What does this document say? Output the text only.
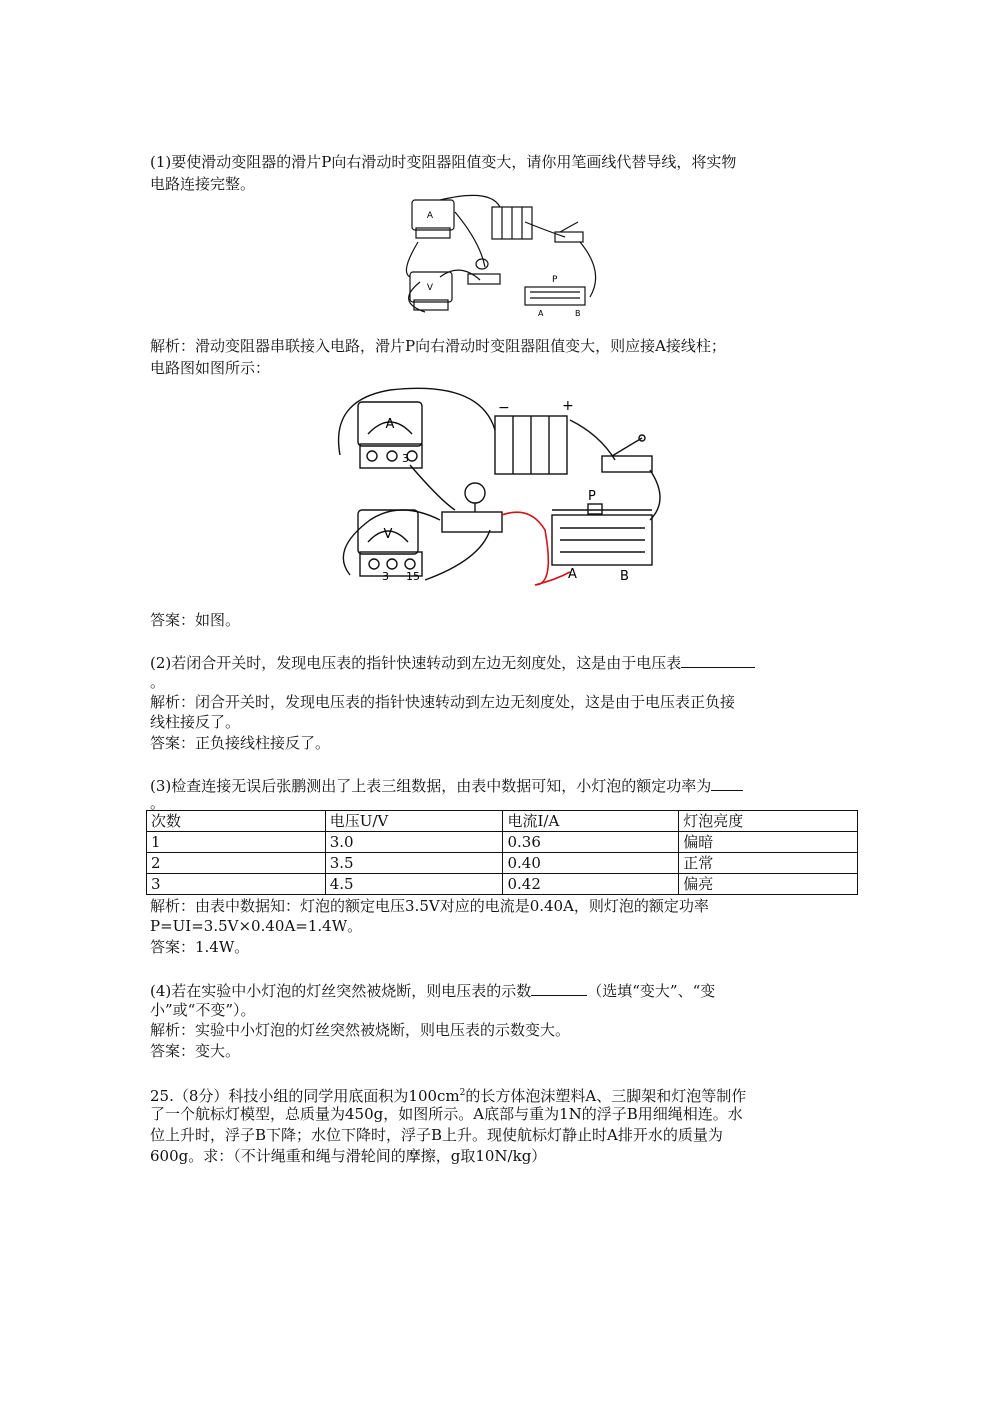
(1)要使滑动变阻器的滑片P向右滑动时变阻器阻值变大，请你用笔画线代替导线，将实物
电路连接完整。
A
V
P
A	B
解析：滑动变阻器串联接入电路，滑片P向右滑动时变阻器阻值变大，则应接A接线柱；
电路图如图所示：
A
V
3
3 15
−	+
P
A	B
答案：如图。
(2)若闭合开关时，发现电压表的指针快速转动到左边无刻度处，这是由于电压表
。
解析：闭合开关时，发现电压表的指针快速转动到左边无刻度处，这是由于电压表正负接
线柱接反了。
答案：正负接线柱接反了。
(3)检查连接无误后张鹏测出了上表三组数据，由表中数据可知，小灯泡的额定功率为
。
次数	电压U/V	电流I/A	灯泡亮度
1	3.0	0.36	偏暗
2	3.5	0.40	正常
3	4.5	0.42	偏亮
解析：由表中数据知：灯泡的额定电压3.5V对应的电流是0.40A，则灯泡的额定功率
P=UI=3.5V×0.40A=1.4W。
答案：1.4W。
(4)若在实验中小灯泡的灯丝突然被烧断，则电压表的示数	（选填“变大”、“变
小”或“不变”）。
解析：实验中小灯泡的灯丝突然被烧断，则电压表的示数变大。
答案：变大。
25.（8分）科技小组的同学用底面积为$100cm^2$的长方体泡沫塑料A、三脚架和灯泡等制作
了一个航标灯模型，总质量为450g，如图所示。A底部与重为1N的浮子B用细绳相连。水
位上升时，浮子B下降；水位下降时，浮子B上升。现使航标灯静止时A排开水的质量为
600g。求：（不计绳重和绳与滑轮间的摩擦，g取10N/kg）
